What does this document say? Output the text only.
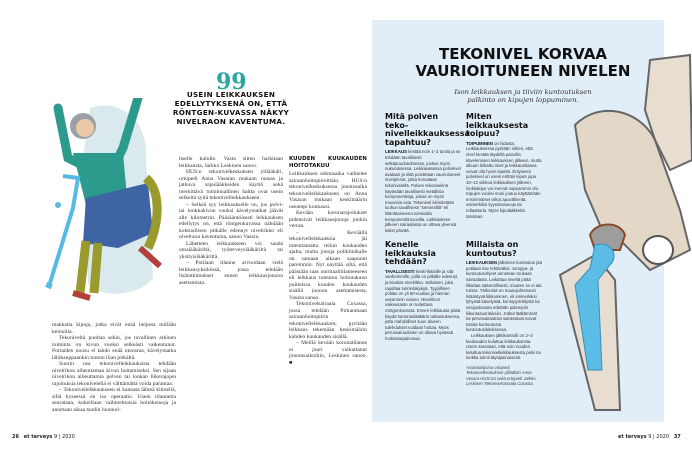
99
USEIN LEIKKAUKSEN EDELLYTYKSENÄ ON, ETTÄ RÖNTGEN-KUVASSA NÄKYY NIVELRAON KAVENTUMA.

makkaita kipuja, jotka eivät enää helpota millään keinoilla.

Tekoniveltä puoltaa sekin, jos tavallinen arkinen toiminta on kivun vuoksi selkeästi vaikeutunut. Portaiden nousu ei tahdo enää onnistua, kävelymatka lähikauppaankin tuntuu liian pitkältä.

Suurin osa tekonivelleikkauksista tehdään nivelrikon aiheuttaman kivun hoitamiseksi. Sen sijaan nivelrikon aiheuttamia polven tai lonkan liikerajojen rajoituksia tekonivelellä ei välttämättä voida parantaa.

– Tekonivelleikkaukseen ei kannata lähteä kiireellä, sillä kyseessä on iso operaatio. Usein tilannetta seurataan, kokeillaan vaihtoehtoisia hoitokeinoja ja annetaan aikaa taudin luonnol-

liselle kululle. Vasta sitten harkitaan leikkausta, Jarkko Leskinen sanoo.

HUS:n tekonivelkeskuksen ylilääkäri, ortopedi Anna Vasaran mukaan runsas ja jatkuva kipulääkkeiden käyttö sekä merkittävä toiminnallinen haitta ovat usein selkeitä syitä tekonivelleikkaukseen.

– Selkeä syy leikkaukselle on, jos polvi- tai lonkkakivun vuoksi kävelymatkat jäävät alle kilometrin. Pääsääntöisesti leikkauksen edellytys on, että röntgenkuvassa nähdään kohtuullisen pitkälle edennyt nivelrikko eli nivelraon kaventuma, sanoo Vasara.

Lähetteen leikkaukseen voi saada omalääkäriltä, työterveyslääkäriltä tai yksityislääkäriltä.

– Potilaan tilanne arvioidaan vielä leikkausyksikössä, jossa tehdään lisätutkimukset ennen leikkausjonoon asettamista.

KUUDEN KUUKAUDEN HOITOTAKUU

Leikkauksen odotusaika vaihtelee sairaanhoitopiireittäin. HUS:n tekonivelkeskuksessa jonotusaika tekonivelleikkaukseen on Anna Vasaran mukaan keskimäärin useampi kuukausi.

Kevään koronarajoitukset pidensivät leikkausjonoja jonkin verran.

– Keväällä tekonivelleikkauksia jäi toteuttamatta reilun kuukauden ajalta, mutta jonoja poliklinikalle on samaan aikaan saapunut paremmin. Nyt näyttää siltä, että päästään taas normaalitilanteeseen eli leikkaus toteutuu hoitotakuun puitteissa kuuden kuukauden sisällä jonoon asettamisesta, Vasara sanoo.

Tekonivelsairaala Coxassa, jossa tehdään Pirkanmaan sairaanhoitopiirin tekonivelleikkaukset, pyritään leikkaus tekemään keskimäärin kahden kuukauden sisällä.

– Meillä kevään koronatilanne ei juuri vaikuttanut jonotusaikoihin, Leskinen sanoo. ■

26 et terveys 9 | 2020
TEKONIVEL KORVAA VAURIOITUNEEN NIVELEN
Ison leikkauksen ja tiiviin kuntoutuksen palkinto on kipujen loppuminen.
Mitä polven teko-nivelleikkauksessa tapahtuu?

LEIKKAUS kestää noin 1–2 tuntia ja se tehdään tavallisesti selkäpuudutuksessa, joskus myös nukutuksessa. Leikkauksessa polvinivel avataan ja siitä poistetaan vaurioituneet nivelpinnat, jotka korvataan tekonivelellä. Polven tekonivelinä käytetään tavallisesti metallisia komponentteja, joissa on myös muovisia osia. Tekonivel kiinnitetään luuhun tavallisesti "sementillä" eli liitäntäaineena toimivalla komponenttimuovilla. Leikkauksen jälkeen sairaalassa on oltava yleensä kaksi päivää.

Kenelle leikkauksia tehdään?

TAVALLISESTI keski-ikäisille ja sitä vanhemmille, joilla on pitkälle edennyt ja kivulias nivelrikko. Sellainen, joka rajoittaa toimintakykyä. Tyypillinen potilas on yli 60-vuotias ja hieman useammin nainen. Nivelrikon vaikeusaste on todettava röntgenkuvasta. Ennen leikkausta pitää käydä hammaslääkärin tarkastuksessa, jotta mahdolliset suun alueen tulehdukset voidaan hoitaa. Myös perussairauksien on oltava hyvässä hoitotasapainossa.

Miten leikkauksesta toipuu?

TOIPUMINEN on hidasta. Leikkauksessa pyritään siihen, että nivel kestää täydellä painolla kävelemisen leikkauksen jälkeen, mutta alkuun leikattu nivel ja leikkaushaava voivat olla hyvin kipeitä. Erityisesti polvinivel on usein erittäin kipeä jopa 10–12 viikkoa leikkauksen jälkeen, lonkkakipu voi mennä nopeammin ohi. Kipujen vuoksi moni joutuu käyttämään ensimmäiset viikot apuvälineitä, esimerkiksi kyynärsauvoja tai rollaattoria. Myös kipulääkkeitä tarvitaan.

Millaista on kuntoutus?

LEIKKAUKSEN jälkeinen kuntoutus jää potilaan itse tehtäväksi. Jumppa- ja kuntoutusohjeet annetaan mukaan sairaalasta. Leikattua niveltä pitää liikuttaa säännöllisesti, muuten se ei ala toimia. Tärkeintä on nousujohteisesti lisääntyvä liikkuminen, eli esimerkiksi lyhyistä kävelyistä, kuntopyöräilystä tai vesijuoksusta edetään pidempiin liikuntasuorituksiin. Jotkut lääkämmät tai perussairauksia sairastavat voivat tarvita kuntoutusta kuntoutuslaitoksessa.

Leikkauksen jälkikontrolli on 2–3 kuukauden kuluttua leikkauksesta. Usein sanotaan, että noin vuoden kuluttua tekonivelleikkauksesta polvi tai lonkka toimii täysipainoisesti.

Asiantuntijoina ortopedi, Tekonivelkeskuksen ylilääkäri Anna Vasara HUS:sta sekä ortopedi Jarkko Leskinen Tekonivelsairaala Coxasta.
et terveys 9 | 2020 37
